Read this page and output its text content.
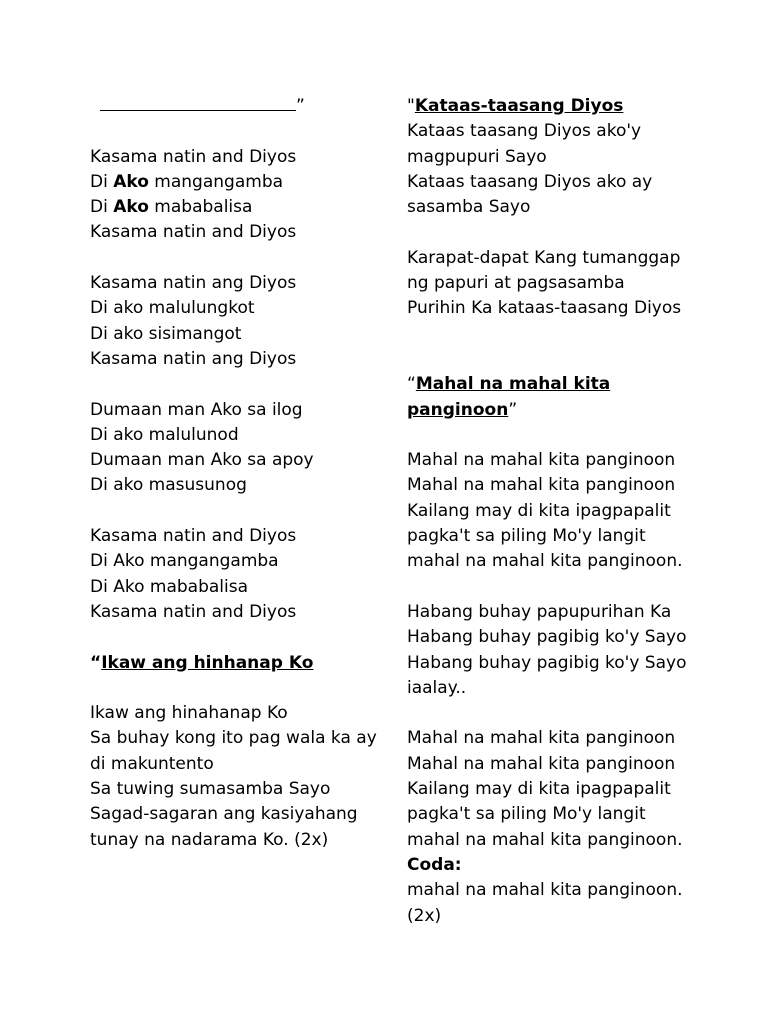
”
Kasama natin and Diyos
Di Ako mangangamba
Di Ako mababalisa
Kasama natin and Diyos
Kasama natin ang Diyos
Di ako malulungkot
Di ako sisimangot
Kasama natin ang Diyos
Dumaan man Ako sa ilog
Di ako malulunod
Dumaan man Ako sa apoy
Di ako masusunog
Kasama natin and Diyos
Di Ako mangangamba
Di Ako mababalisa
Kasama natin and Diyos
“Ikaw ang hinhanap Ko
Ikaw ang hinahanap Ko
Sa buhay kong ito pag wala ka ay
di makuntento
Sa tuwing sumasamba Sayo
Sagad-sagaran ang kasiyahang
tunay na nadarama Ko. (2x)
"Kataas-taasang Diyos
Kataas taasang Diyos ako'y
magpupuri Sayo
Kataas taasang Diyos ako ay
sasamba Sayo
Karapat-dapat Kang tumanggap
ng papuri at pagsasamba
Purihin Ka kataas-taasang Diyos
“Mahal na mahal kita
panginoon”
Mahal na mahal kita panginoon
Mahal na mahal kita panginoon
Kailang may di kita ipagpapalit
pagka't sa piling Mo'y langit
mahal na mahal kita panginoon.
Habang buhay papupurihan Ka
Habang buhay pagibig ko'y Sayo
Habang buhay pagibig ko'y Sayo
iaalay..
Mahal na mahal kita panginoon
Mahal na mahal kita panginoon
Kailang may di kita ipagpapalit
pagka't sa piling Mo'y langit
mahal na mahal kita panginoon.
Coda:
mahal na mahal kita panginoon.
(2x)
